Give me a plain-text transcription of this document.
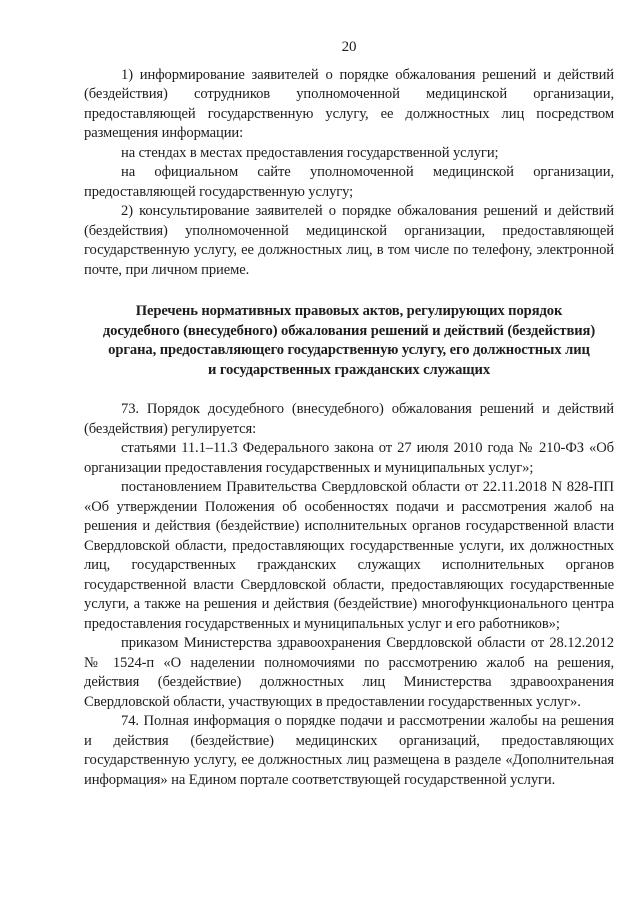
20

1) информирование заявителей о порядке обжалования решений и действий (бездействия) сотрудников уполномоченной медицинской организации, предоставляющей государственную услугу, ее должностных лиц посредством размещения информации:

на стендах в местах предоставления государственной услуги;

на официальном сайте уполномоченной медицинской организации, предоставляющей государственную услугу;

2) консультирование заявителей о порядке обжалования решений и действий (бездействия) уполномоченной медицинской организации, предоставляющей государственную услугу, ее должностных лиц, в том числе по телефону, электронной почте, при личном приеме.

Перечень нормативных правовых актов, регулирующих порядок
досудебного (внесудебного) обжалования решений и действий (бездействия)
органа, предоставляющего государственную услугу, его должностных лиц
и государственных гражданских служащих

73. Порядок досудебного (внесудебного) обжалования решений и действий (бездействия) регулируется:

статьями 11.1–11.3 Федерального закона от 27 июля 2010 года № 210-ФЗ «Об организации предоставления государственных и муниципальных услуг»;

постановлением Правительства Свердловской области от 22.11.2018 N 828-ПП «Об утверждении Положения об особенностях подачи и рассмотрения жалоб на решения и действия (бездействие) исполнительных органов государственной власти Свердловской области, предоставляющих государственные услуги, их должностных лиц, государственных гражданских служащих исполнительных органов государственной власти Свердловской области, предоставляющих государственные услуги, а также на решения и действия (бездействие) многофункционального центра предоставления государственных и муниципальных услуг и его работников»;

приказом Министерства здравоохранения Свердловской области от 28.12.2012 № 1524-п «О наделении полномочиями по рассмотрению жалоб на решения, действия (бездействие) должностных лиц Министерства здравоохранения Свердловской области, участвующих в предоставлении государственных услуг».

74. Полная информация о порядке подачи и рассмотрении жалобы на решения и действия (бездействие) медицинских организаций, предоставляющих государственную услугу, ее должностных лиц размещена в разделе «Дополнительная информация» на Едином портале соответствующей государственной услуги.
